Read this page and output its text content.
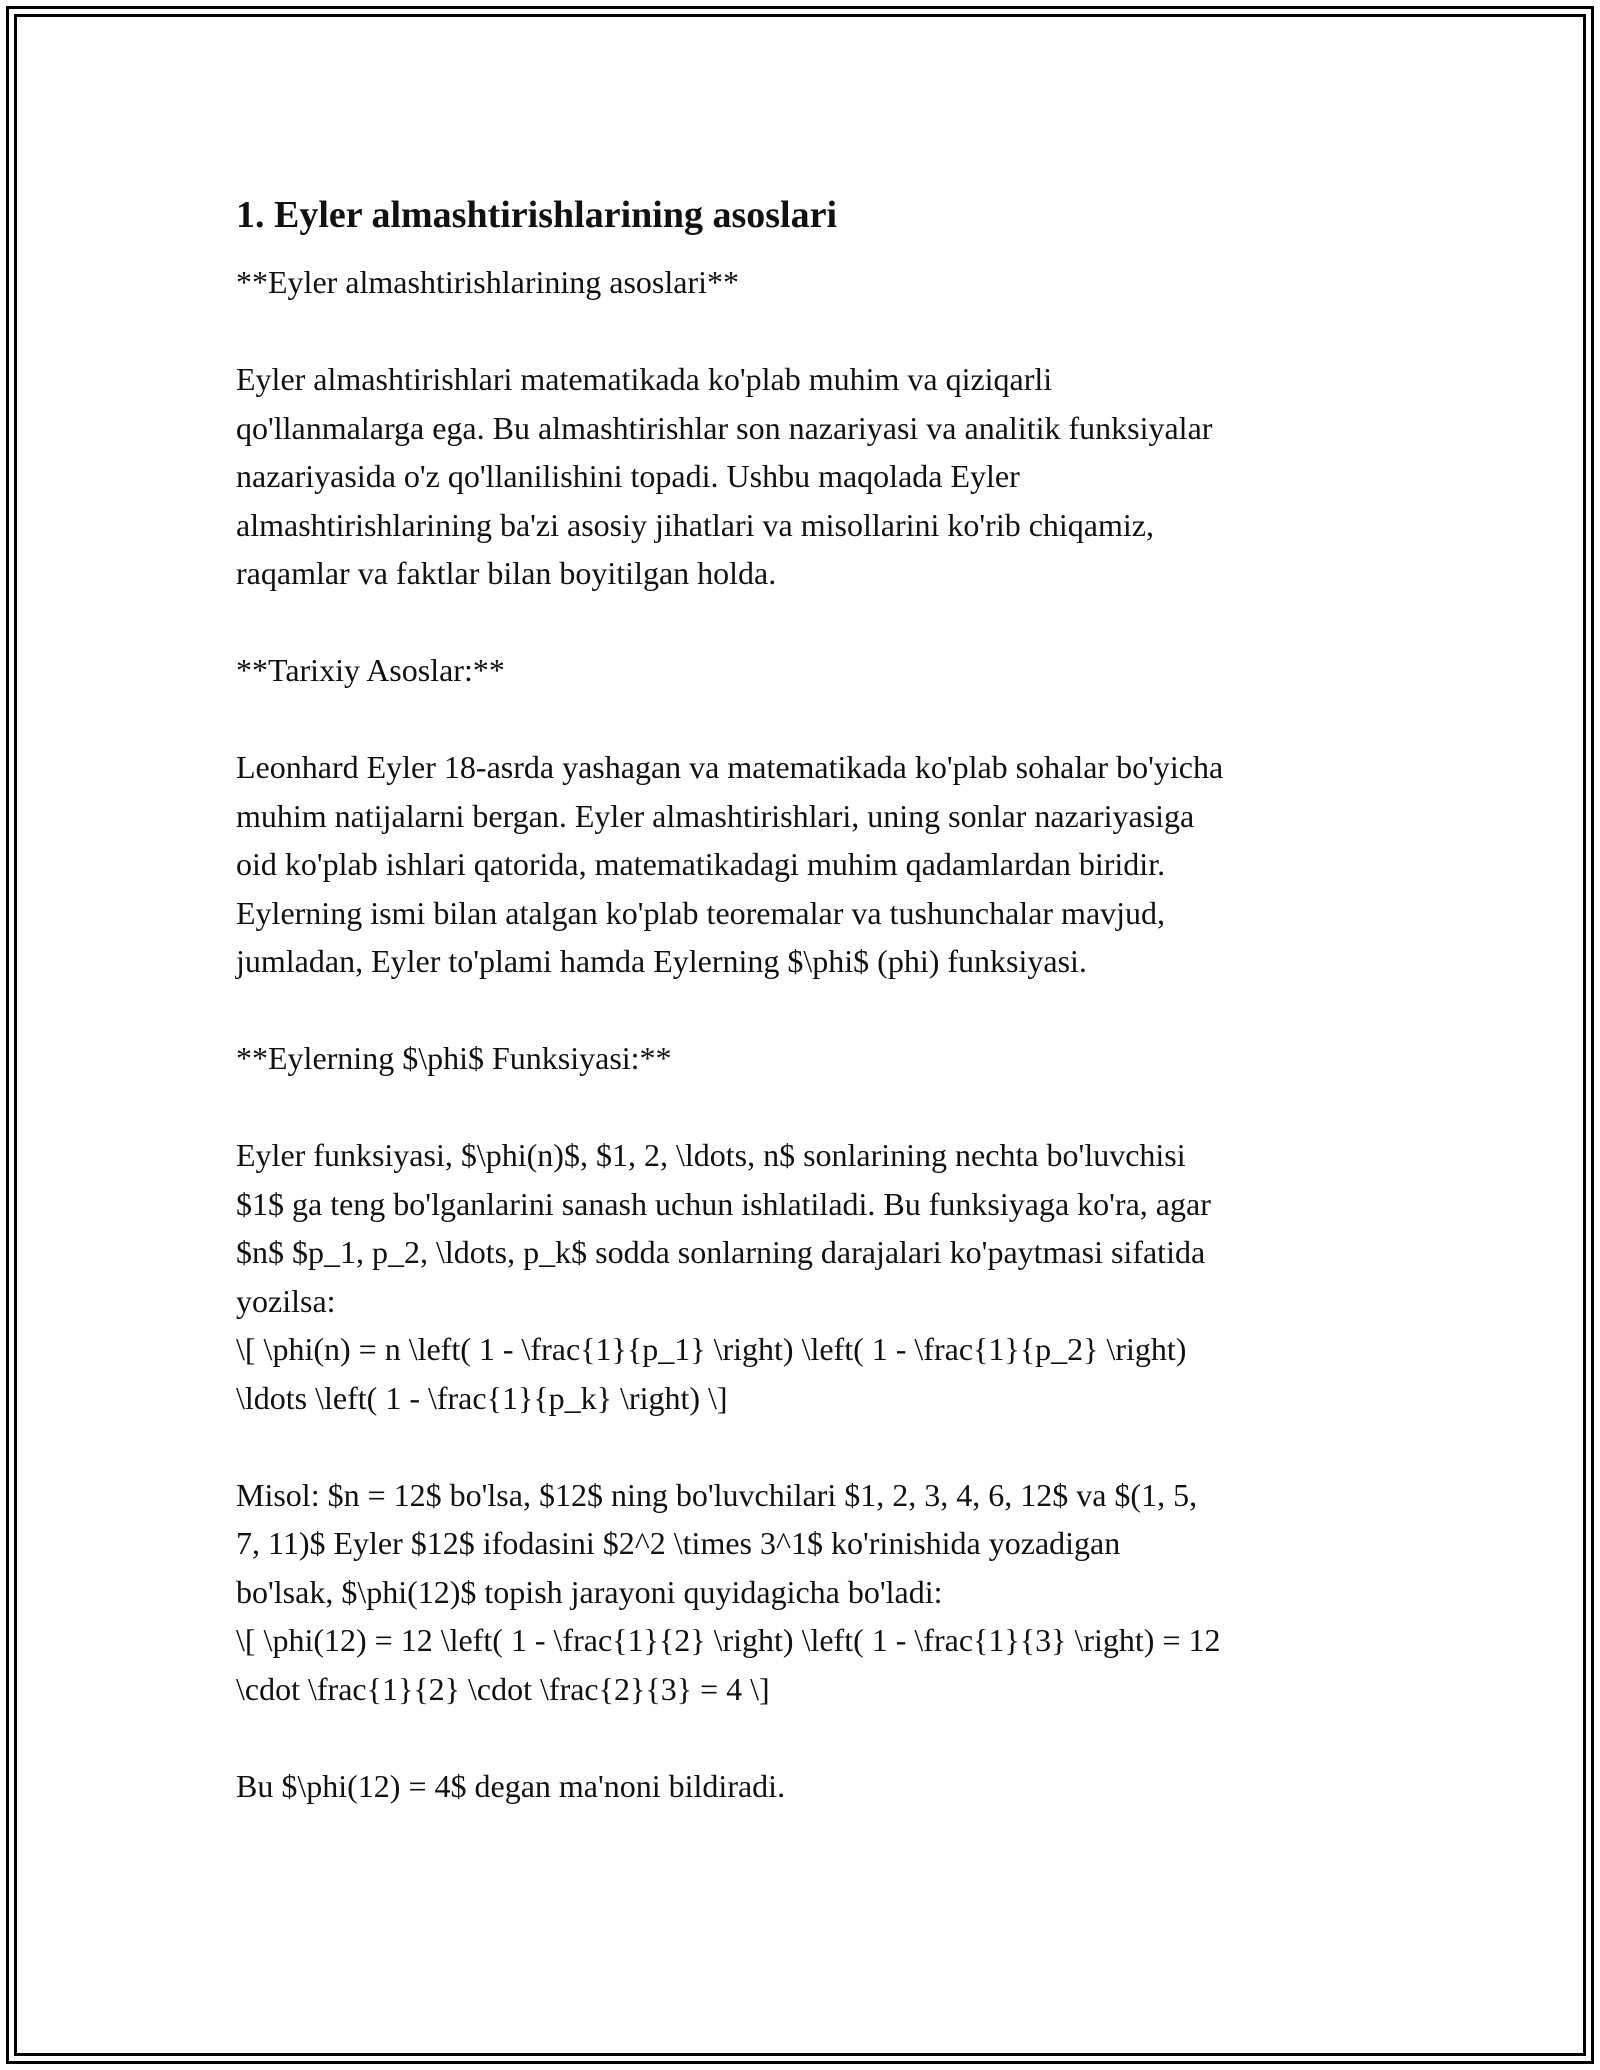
1. Eyler almashtirishlarining asoslari

**Eyler almashtirishlarining asoslari**

Eyler almashtirishlari matematikada ko'plab muhim va qiziqarli

qo'llanmalarga ega. Bu almashtirishlar son nazariyasi va analitik funksiyalar

nazariyasida o'z qo'llanilishini topadi. Ushbu maqolada Eyler

almashtirishlarining ba'zi asosiy jihatlari va misollarini ko'rib chiqamiz,

raqamlar va faktlar bilan boyitilgan holda.

**Tarixiy Asoslar:**

Leonhard Eyler 18-asrda yashagan va matematikada ko'plab sohalar bo'yicha

muhim natijalarni bergan. Eyler almashtirishlari, uning sonlar nazariyasiga

oid ko'plab ishlari qatorida, matematikadagi muhim qadamlardan biridir.

Eylerning ismi bilan atalgan ko'plab teoremalar va tushunchalar mavjud,

jumladan, Eyler to'plami hamda Eylerning $\phi$ (phi) funksiyasi.

**Eylerning $\phi$ Funksiyasi:**

Eyler funksiyasi, $\phi(n)$, $1, 2, \ldots, n$ sonlarining nechta bo'luvchisi

$1$ ga teng bo'lganlarini sanash uchun ishlatiladi. Bu funksiyaga ko'ra, agar

$n$ $p_1, p_2, \ldots, p_k$ sodda sonlarning darajalari ko'paytmasi sifatida

yozilsa:

\[ \phi(n) = n \left( 1 - \frac{1}{p_1} \right) \left( 1 - \frac{1}{p_2} \right)

\ldots \left( 1 - \frac{1}{p_k} \right) \]

Misol: $n = 12$ bo'lsa, $12$ ning bo'luvchilari $1, 2, 3, 4, 6, 12$ va $(1, 5,

7, 11)$ Eyler $12$ ifodasini $2^2 \times 3^1$ ko'rinishida yozadigan

bo'lsak, $\phi(12)$ topish jarayoni quyidagicha bo'ladi:

\[ \phi(12) = 12 \left( 1 - \frac{1}{2} \right) \left( 1 - \frac{1}{3} \right) = 12

\cdot \frac{1}{2} \cdot \frac{2}{3} = 4 \]

Bu $\phi(12) = 4$ degan ma'noni bildiradi.
